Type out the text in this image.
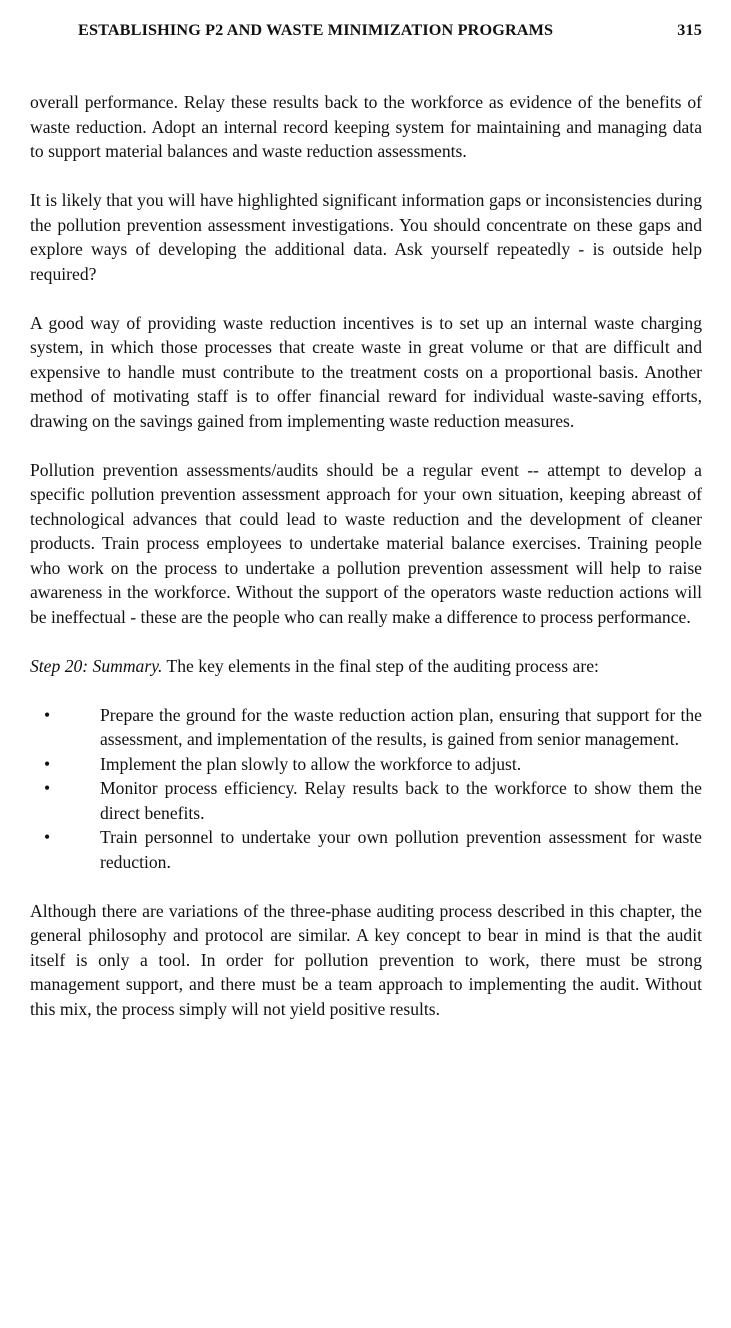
ESTABLISHING P2 AND WASTE MINIMIZATION PROGRAMS	315

overall performance. Relay these results back to the workforce as evidence of the benefits of waste reduction. Adopt an internal record keeping system for maintaining and managing data to support material balances and waste reduction assessments.

It is likely that you will have highlighted significant information gaps or inconsistencies during the pollution prevention assessment investigations. You should concentrate on these gaps and explore ways of developing the additional data. Ask yourself repeatedly - is outside help required?

A good way of providing waste reduction incentives is to set up an internal waste charging system, in which those processes that create waste in great volume or that are difficult and expensive to handle must contribute to the treatment costs on a proportional basis. Another method of motivating staff is to offer financial reward for individual waste-saving efforts, drawing on the savings gained from implementing waste reduction measures.

Pollution prevention assessments/audits should be a regular event -- attempt to develop a specific pollution prevention assessment approach for your own situation, keeping abreast of technological advances that could lead to waste reduction and the development of cleaner products. Train process employees to undertake material balance exercises. Training people who work on the process to undertake a pollution prevention assessment will help to raise awareness in the workforce. Without the support of the operators waste reduction actions will be ineffectual - these are the people who can really make a difference to process performance.

Step 20: Summary. The key elements in the final step of the auditing process are:

•	Prepare the ground for the waste reduction action plan, ensuring that support for the assessment, and implementation of the results, is gained from senior management.
•	Implement the plan slowly to allow the workforce to adjust.
•	Monitor process efficiency. Relay results back to the workforce to show them the direct benefits.
•	Train personnel to undertake your own pollution prevention assessment for waste reduction.

Although there are variations of the three-phase auditing process described in this chapter, the general philosophy and protocol are similar. A key concept to bear in mind is that the audit itself is only a tool. In order for pollution prevention to work, there must be strong management support, and there must be a team approach to implementing the audit. Without this mix, the process simply will not yield positive results.
